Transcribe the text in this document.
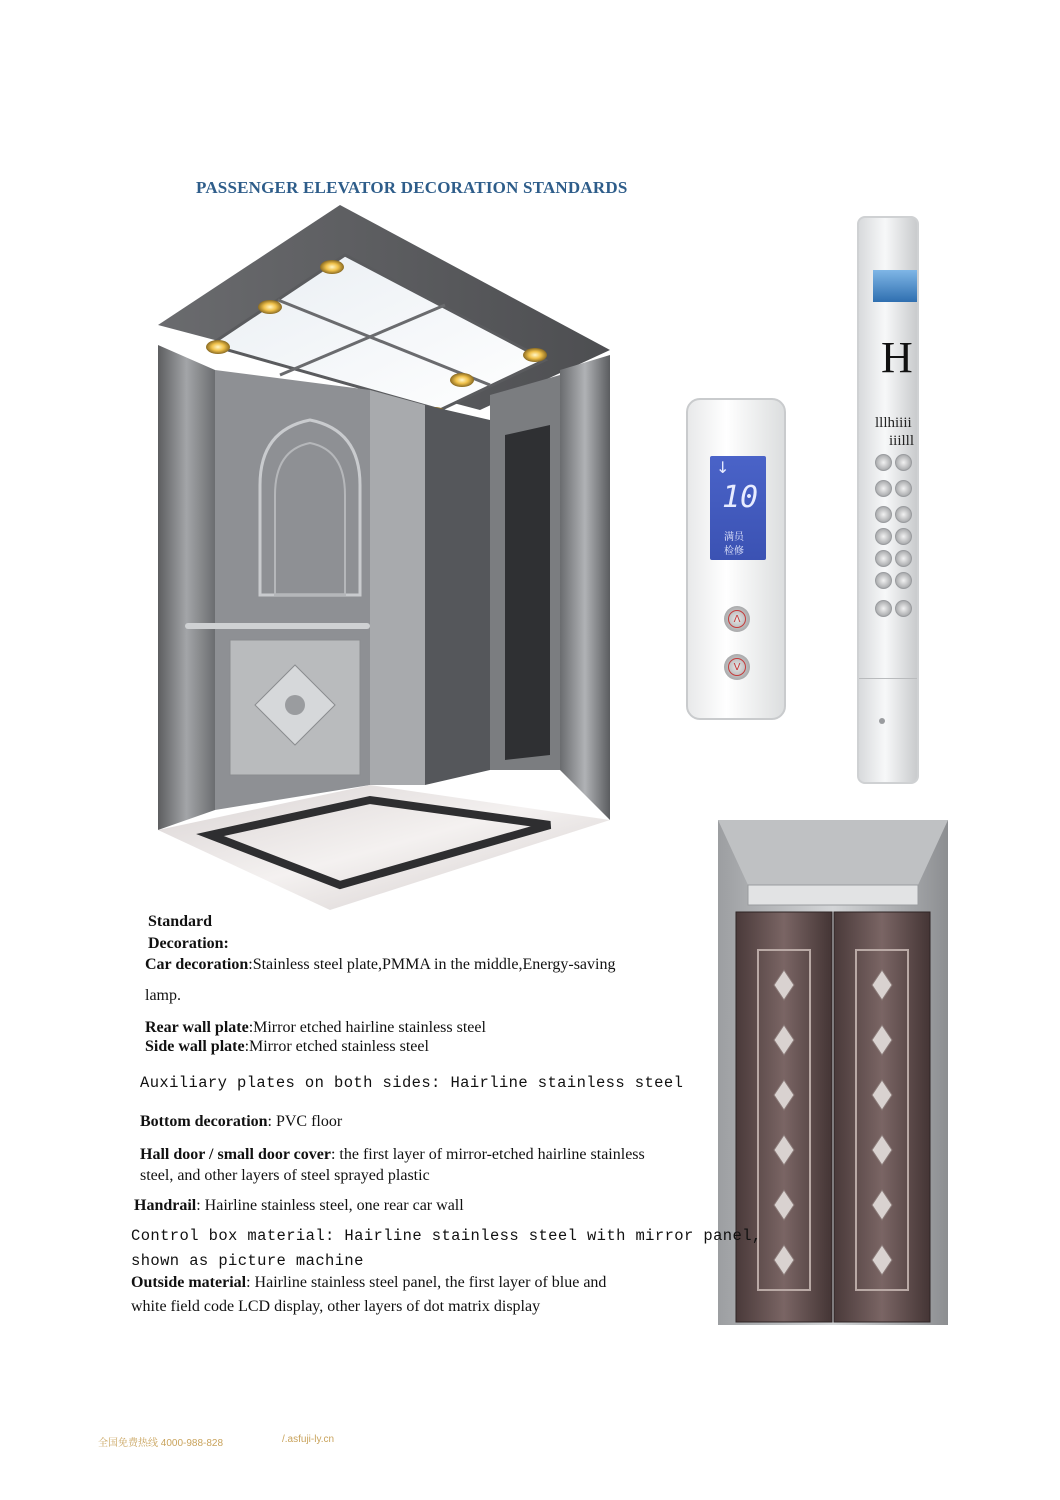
PASSENGER ELEVATOR DECORATION STANDARDS
↓
10
满员
检修
Λ
V
H
lllhiiii
iiilll
Standard
Decoration:
Car decoration:Stainless steel plate,PMMA in the middle,Energy-saving
lamp.
Rear wall plate:Mirror etched hairline stainless steel
Side wall plate:Mirror etched stainless steel
Auxiliary plates on both sides: Hairline stainless steel
Bottom decoration: PVC floor
Hall door / small door cover: the first layer of mirror-etched hairline stainless
steel, and other layers of steel sprayed plastic
Handrail: Hairline stainless steel, one rear car wall
Control box material: Hairline stainless steel with mirror panel,
shown as picture machine
Outside material: Hairline stainless steel panel, the first layer of blue and
white field code LCD display, other layers of dot matrix display
全国免费热线 4000-988-828	/.asfuji-ly.cn
